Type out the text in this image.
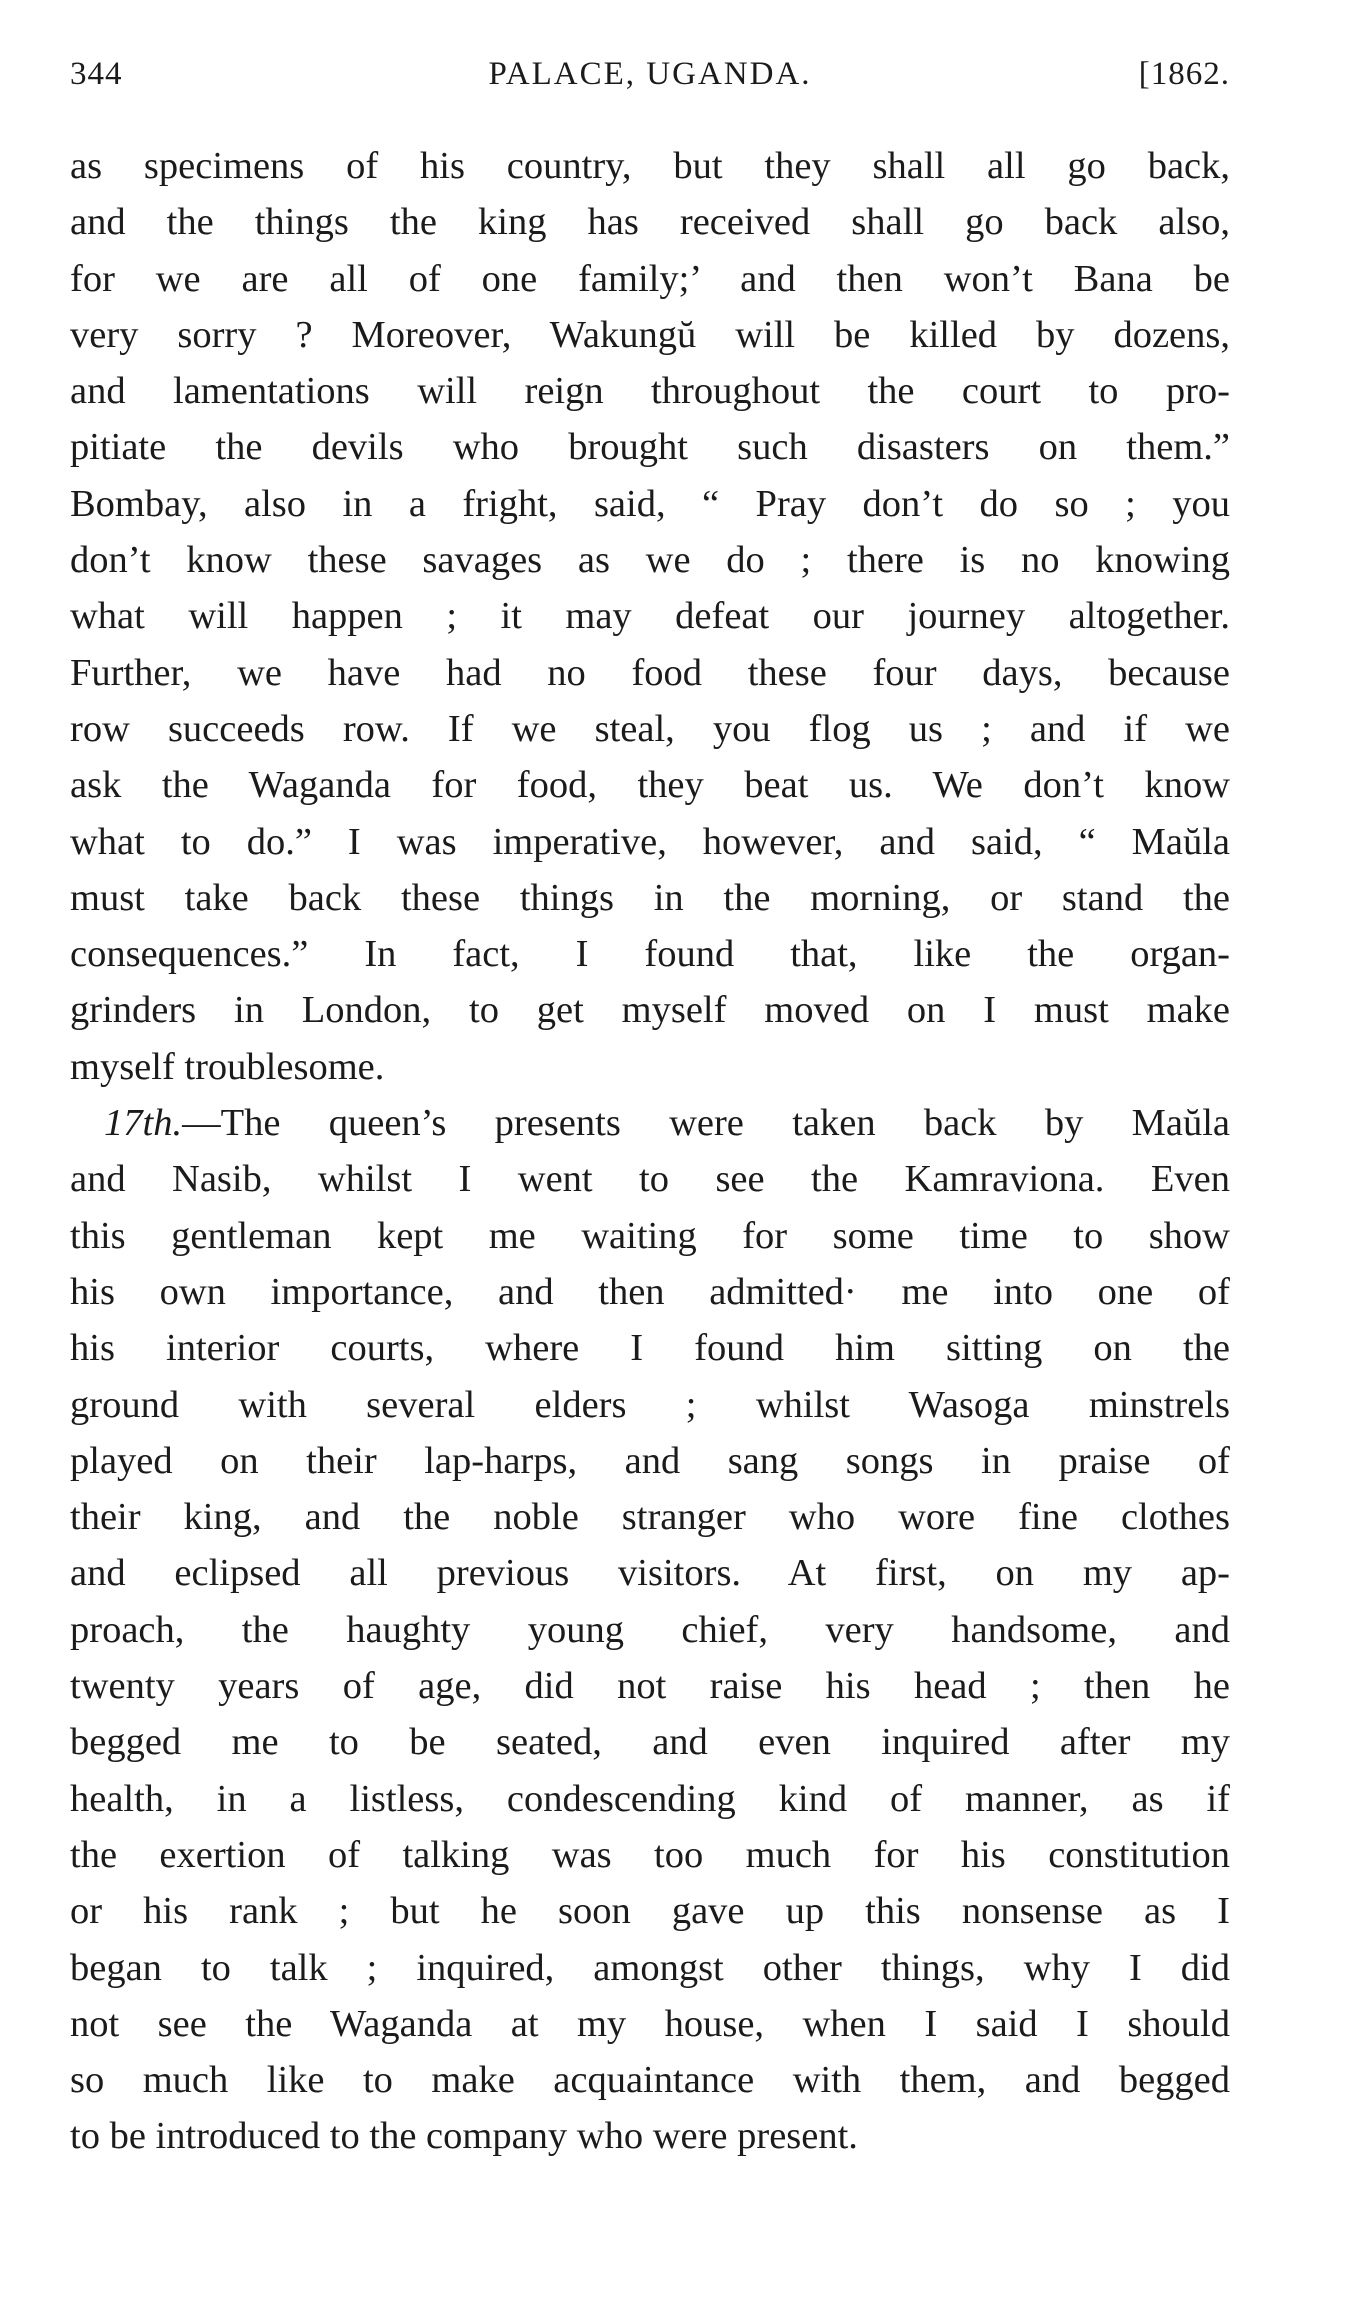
344	PALACE, UGANDA.	[1862.
as specimens of his country, but they shall all go back,
and the things the king has received shall go back also,
for we are all of one family;’ and then won’t Bana be
very sorry ? Moreover, Wakungŭ will be killed by dozens,
and lamentations will reign throughout the court to pro-
pitiate the devils who brought such disasters on them.”
Bombay, also in a fright, said, “ Pray don’t do so ; you
don’t know these savages as we do ; there is no knowing
what will happen ; it may defeat our journey altogether.
Further, we have had no food these four days, because
row succeeds row. If we steal, you flog us ; and if we
ask the Waganda for food, they beat us. We don’t know
what to do.” I was imperative, however, and said, “ Maŭla
must take back these things in the morning, or stand the
consequences.” In fact, I found that, like the organ-
grinders in London, to get myself moved on I must make
myself troublesome.
17th.—The queen’s presents were taken back by Maŭla
and Nasib, whilst I went to see the Kamraviona. Even
this gentleman kept me waiting for some time to show
his own importance, and then admitted· me into one of
his interior courts, where I found him sitting on the
ground with several elders ; whilst Wasoga minstrels
played on their lap-harps, and sang songs in praise of
their king, and the noble stranger who wore fine clothes
and eclipsed all previous visitors. At first, on my ap-
proach, the haughty young chief, very handsome, and
twenty years of age, did not raise his head ; then he
begged me to be seated, and even inquired after my
health, in a listless, condescending kind of manner, as if
the exertion of talking was too much for his constitution
or his rank ; but he soon gave up this nonsense as I
began to talk ; inquired, amongst other things, why I did
not see the Waganda at my house, when I said I should
so much like to make acquaintance with them, and begged
to be introduced to the company who were present.
